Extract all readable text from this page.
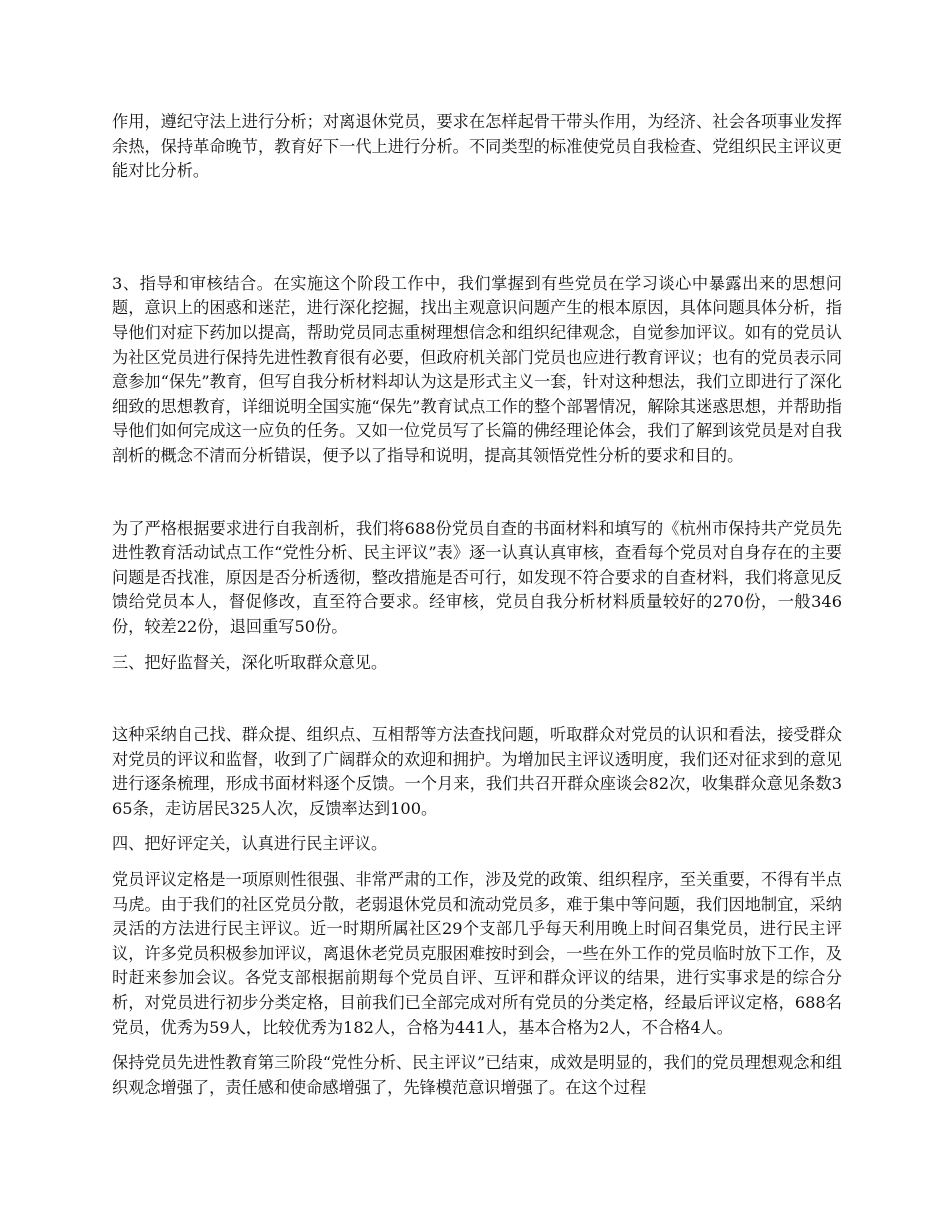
作用，遵纪守法上进行分析；对离退休党员，要求在怎样起骨干带头作用，为经济、社会各项事业发挥余热，保持革命晚节，教育好下一代上进行分析。不同类型的标准使党员自我检查、党组织民主评议更能对比分析。

3、指导和审核结合。在实施这个阶段工作中，我们掌握到有些党员在学习谈心中暴露出来的思想问题，意识上的困惑和迷茫，进行深化挖掘，找出主观意识问题产生的根本原因，具体问题具体分析，指导他们对症下药加以提高，帮助党员同志重树理想信念和组织纪律观念，自觉参加评议。如有的党员认为社区党员进行保持先进性教育很有必要，但政府机关部门党员也应进行教育评议；也有的党员表示同意参加“保先”教育，但写自我分析材料却认为这是形式主义一套，针对这种想法，我们立即进行了深化细致的思想教育，详细说明全国实施“保先”教育试点工作的整个部署情况，解除其迷惑思想，并帮助指导他们如何完成这一应负的任务。又如一位党员写了长篇的佛经理论体会，我们了解到该党员是对自我剖析的概念不清而分析错误，便予以了指导和说明，提高其领悟党性分析的要求和目的。

为了严格根据要求进行自我剖析，我们将688份党员自查的书面材料和填写的《杭州市保持共产党员先进性教育活动试点工作“党性分析、民主评议”表》逐一认真认真审核，查看每个党员对自身存在的主要问题是否找准，原因是否分析透彻，整改措施是否可行，如发现不符合要求的自查材料，我们将意见反馈给党员本人，督促修改，直至符合要求。经审核，党员自我分析材料质量较好的270份，一般346份，较差22份，退回重写50份。

三、把好监督关，深化听取群众意见。

这种采纳自己找、群众提、组织点、互相帮等方法查找问题，听取群众对党员的认识和看法，接受群众对党员的评议和监督，收到了广阔群众的欢迎和拥护。为增加民主评议透明度，我们还对征求到的意见进行逐条梳理，形成书面材料逐个反馈。一个月来，我们共召开群众座谈会82次，收集群众意见条数365条，走访居民325人次，反馈率达到100。

四、把好评定关，认真进行民主评议。

党员评议定格是一项原则性很强、非常严肃的工作，涉及党的政策、组织程序，至关重要，不得有半点马虎。由于我们的社区党员分散，老弱退休党员和流动党员多，难于集中等问题，我们因地制宜，采纳灵活的方法进行民主评议。近一时期所属社区29个支部几乎每天利用晚上时间召集党员，进行民主评议，许多党员积极参加评议，离退休老党员克服困难按时到会，一些在外工作的党员临时放下工作，及时赶来参加会议。各党支部根据前期每个党员自评、互评和群众评议的结果，进行实事求是的综合分析，对党员进行初步分类定格，目前我们已全部完成对所有党员的分类定格，经最后评议定格，688名党员，优秀为59人，比较优秀为182人，合格为441人，基本合格为2人，不合格4人。

保持党员先进性教育第三阶段“党性分析、民主评议”已结束，成效是明显的，我们的党员理想观念和组织观念增强了，责任感和使命感增强了，先锋模范意识增强了。在这个过程
